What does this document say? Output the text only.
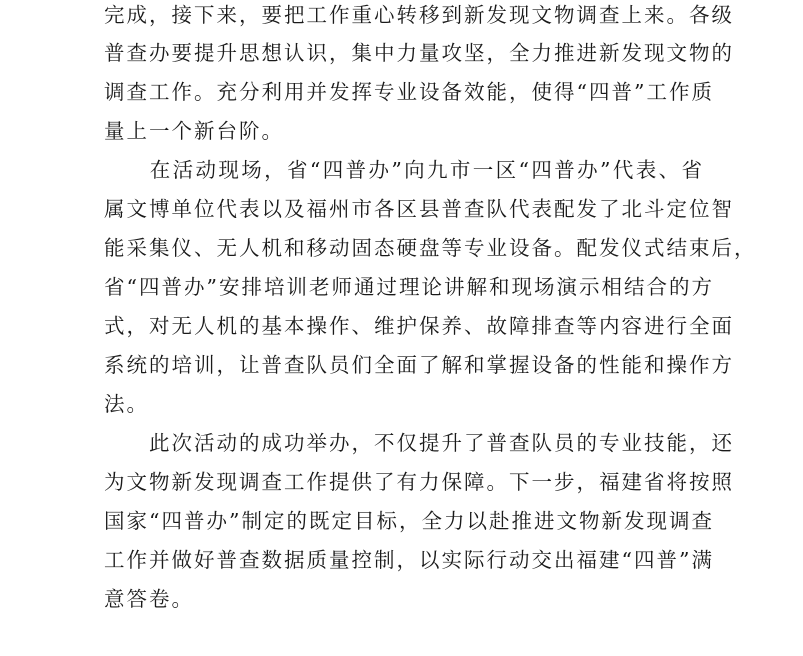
完成，接下来，要把工作重心转移到新发现文物调查上来。各级
普查办要提升思想认识，集中力量攻坚，全力推进新发现文物的
调查工作。充分利用并发挥专业设备效能，使得“四普”工作质
量上一个新台阶。
　　在活动现场，省“四普办”向九市一区“四普办”代表、省
属文博单位代表以及福州市各区县普查队代表配发了北斗定位智
能采集仪、无人机和移动固态硬盘等专业设备。配发仪式结束后，
省“四普办”安排培训老师通过理论讲解和现场演示相结合的方
式，对无人机的基本操作、维护保养、故障排查等内容进行全面
系统的培训，让普查队员们全面了解和掌握设备的性能和操作方
法。
　　此次活动的成功举办，不仅提升了普查队员的专业技能，还
为文物新发现调查工作提供了有力保障。下一步，福建省将按照
国家“四普办”制定的既定目标，全力以赴推进文物新发现调查
工作并做好普查数据质量控制，以实际行动交出福建“四普”满
意答卷。
